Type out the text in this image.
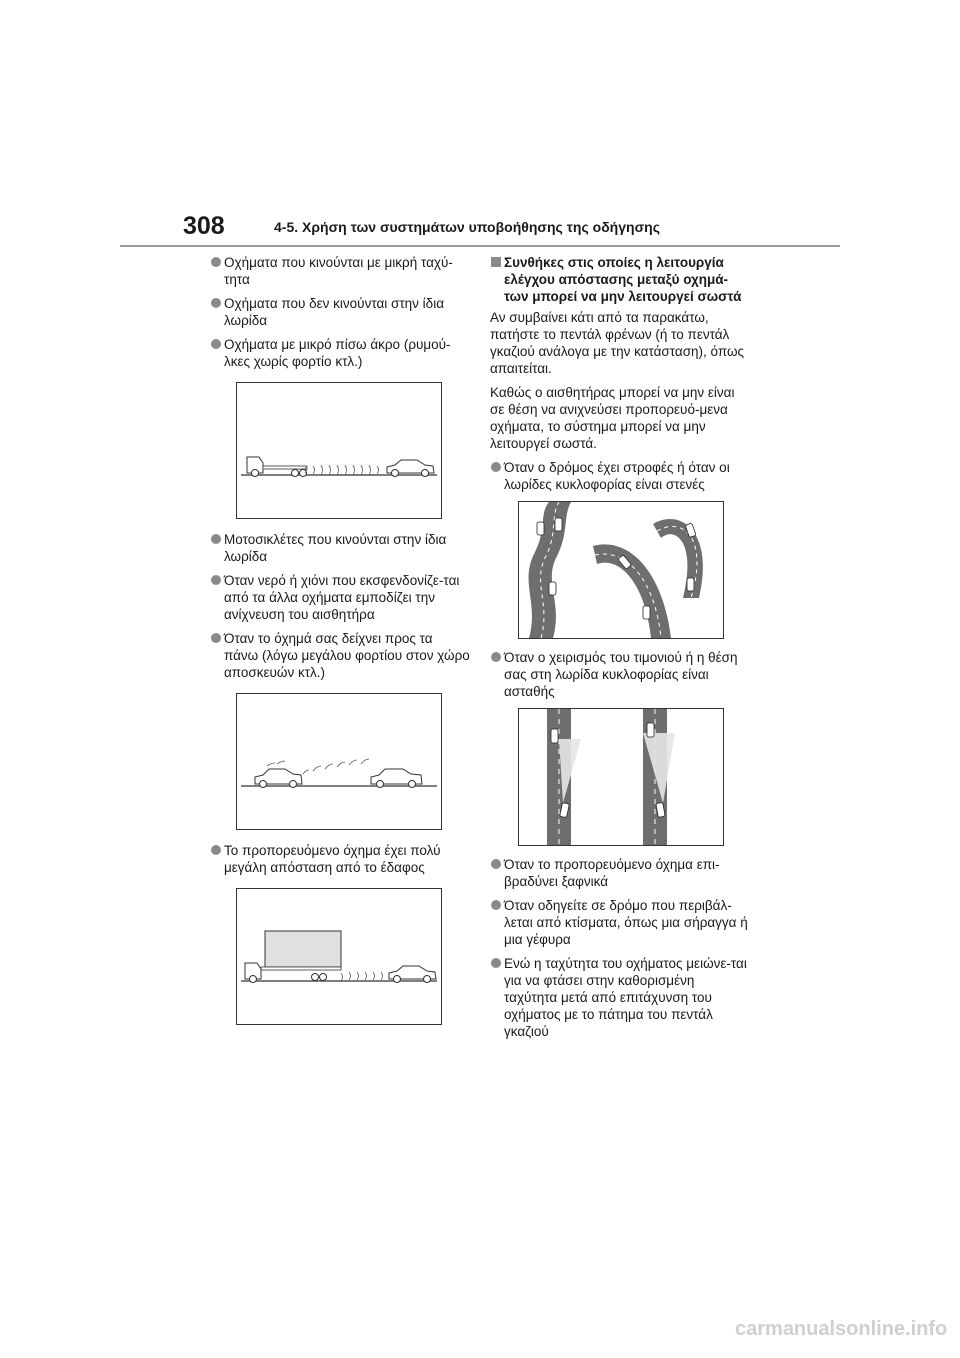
308	4-5. Χρήση των συστημάτων υποβοήθησης της οδήγησης
Οχήματα που κινούνται με μικρή ταχύ-τητα
Οχήματα που δεν κινούνται στην ίδια λωρίδα
Οχήματα με μικρό πίσω άκρο (ρυμού-λκες χωρίς φορτίο κτλ.)
Μοτοσικλέτες που κινούνται στην ίδια λωρίδα
Όταν νερό ή χιόνι που εκσφενδονίζε-ται από τα άλλα οχήματα εμποδίζει την ανίχνευση του αισθητήρα
Όταν το όχημά σας δείχνει προς τα πάνω (λόγω μεγάλου φορτίου στον χώρο αποσκευών κτλ.)
Το προπορευόμενο όχημα έχει πολύ μεγάλη απόσταση από το έδαφος
Συνθήκες στις οποίες η λειτουργία ελέγχου απόστασης μεταξύ οχημά-των μπορεί να μην λειτουργεί σωστά
Αν συμβαίνει κάτι από τα παρακάτω, πατήστε το πεντάλ φρένων (ή το πεντάλ γκαζιού ανάλογα με την κατάσταση), όπως απαιτείται.
Καθώς ο αισθητήρας μπορεί να μην είναι σε θέση να ανιχνεύσει προπορευό-μενα οχήματα, το σύστημα μπορεί να μην λειτουργεί σωστά.
Όταν ο δρόμος έχει στροφές ή όταν οι λωρίδες κυκλοφορίας είναι στενές
Όταν ο χειρισμός του τιμονιού ή η θέση σας στη λωρίδα κυκλοφορίας είναι ασταθής
Όταν το προπορευόμενο όχημα επι-βραδύνει ξαφνικά
Όταν οδηγείτε σε δρόμο που περιβάλ-λεται από κτίσματα, όπως μια σήραγγα ή μια γέφυρα
Ενώ η ταχύτητα του οχήματος μειώνε-ται για να φτάσει στην καθορισμένη ταχύτητα μετά από επιτάχυνση του οχήματος με το πάτημα του πεντάλ γκαζιού
carmanualsonline.info
